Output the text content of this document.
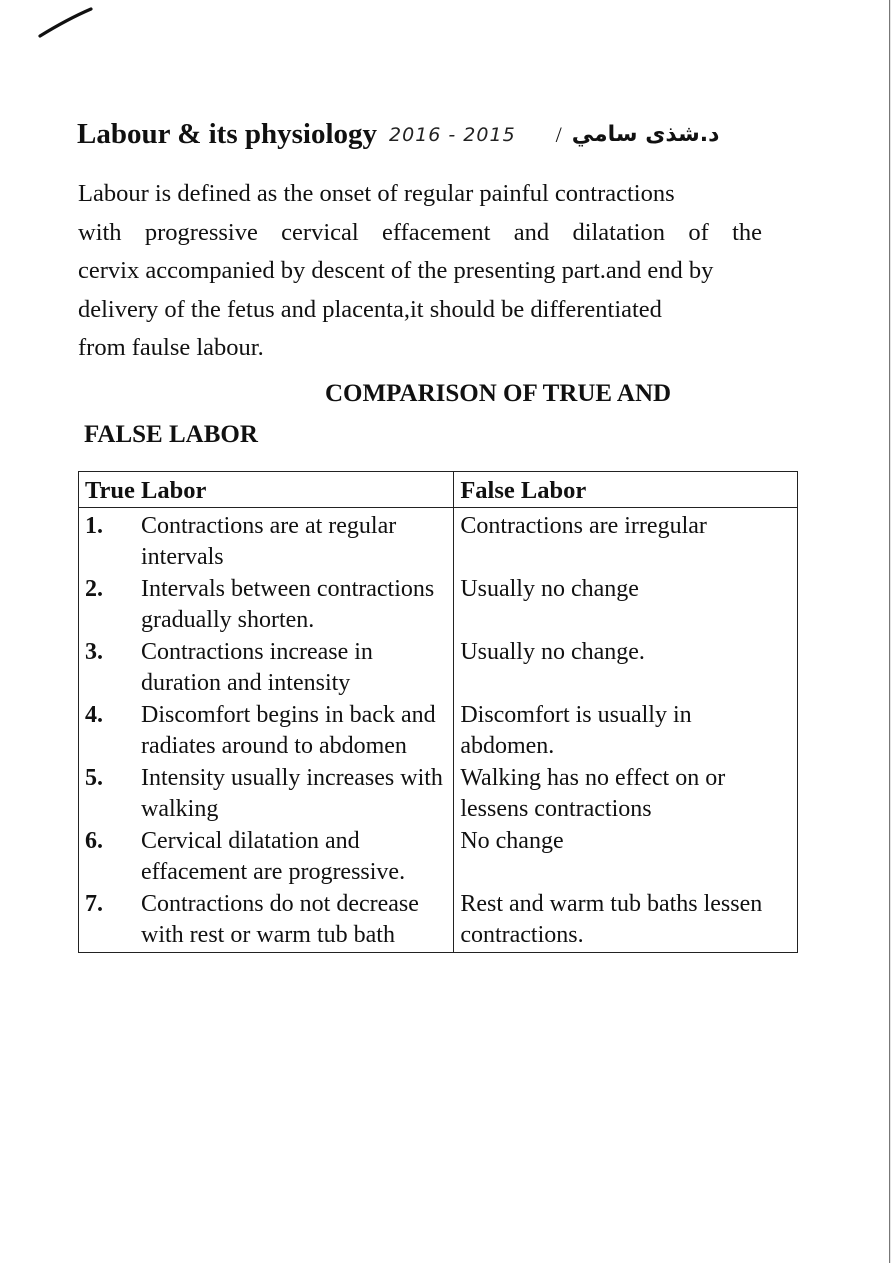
Labour & its physiology 2016 - 2015 / د.شذى سامي
Labour is defined as the onset of regular painful contractions
with progressive cervical effacement and dilatation of the
cervix accompanied by descent of the presenting part.and end by
delivery of the fetus and placenta,it should be differentiated
from faulse labour.
COMPARISON OF TRUE AND
FALSE LABOR
True Labor	False Labor

1. Contractions are at regular intervals	Contractions are irregular

2. Intervals between contractions gradually shorten.	Usually no change

3. Contractions increase in duration and intensity	Usually no change.

4. Discomfort begins in back and radiates around to abdomen	Discomfort is usually in abdomen.

5. Intensity usually increases with walking	Walking has no effect on or lessens contractions

6. Cervical dilatation and effacement are progressive.	No change

7. Contractions do not decrease with rest or warm tub bath	Rest and warm tub baths lessen contractions.
